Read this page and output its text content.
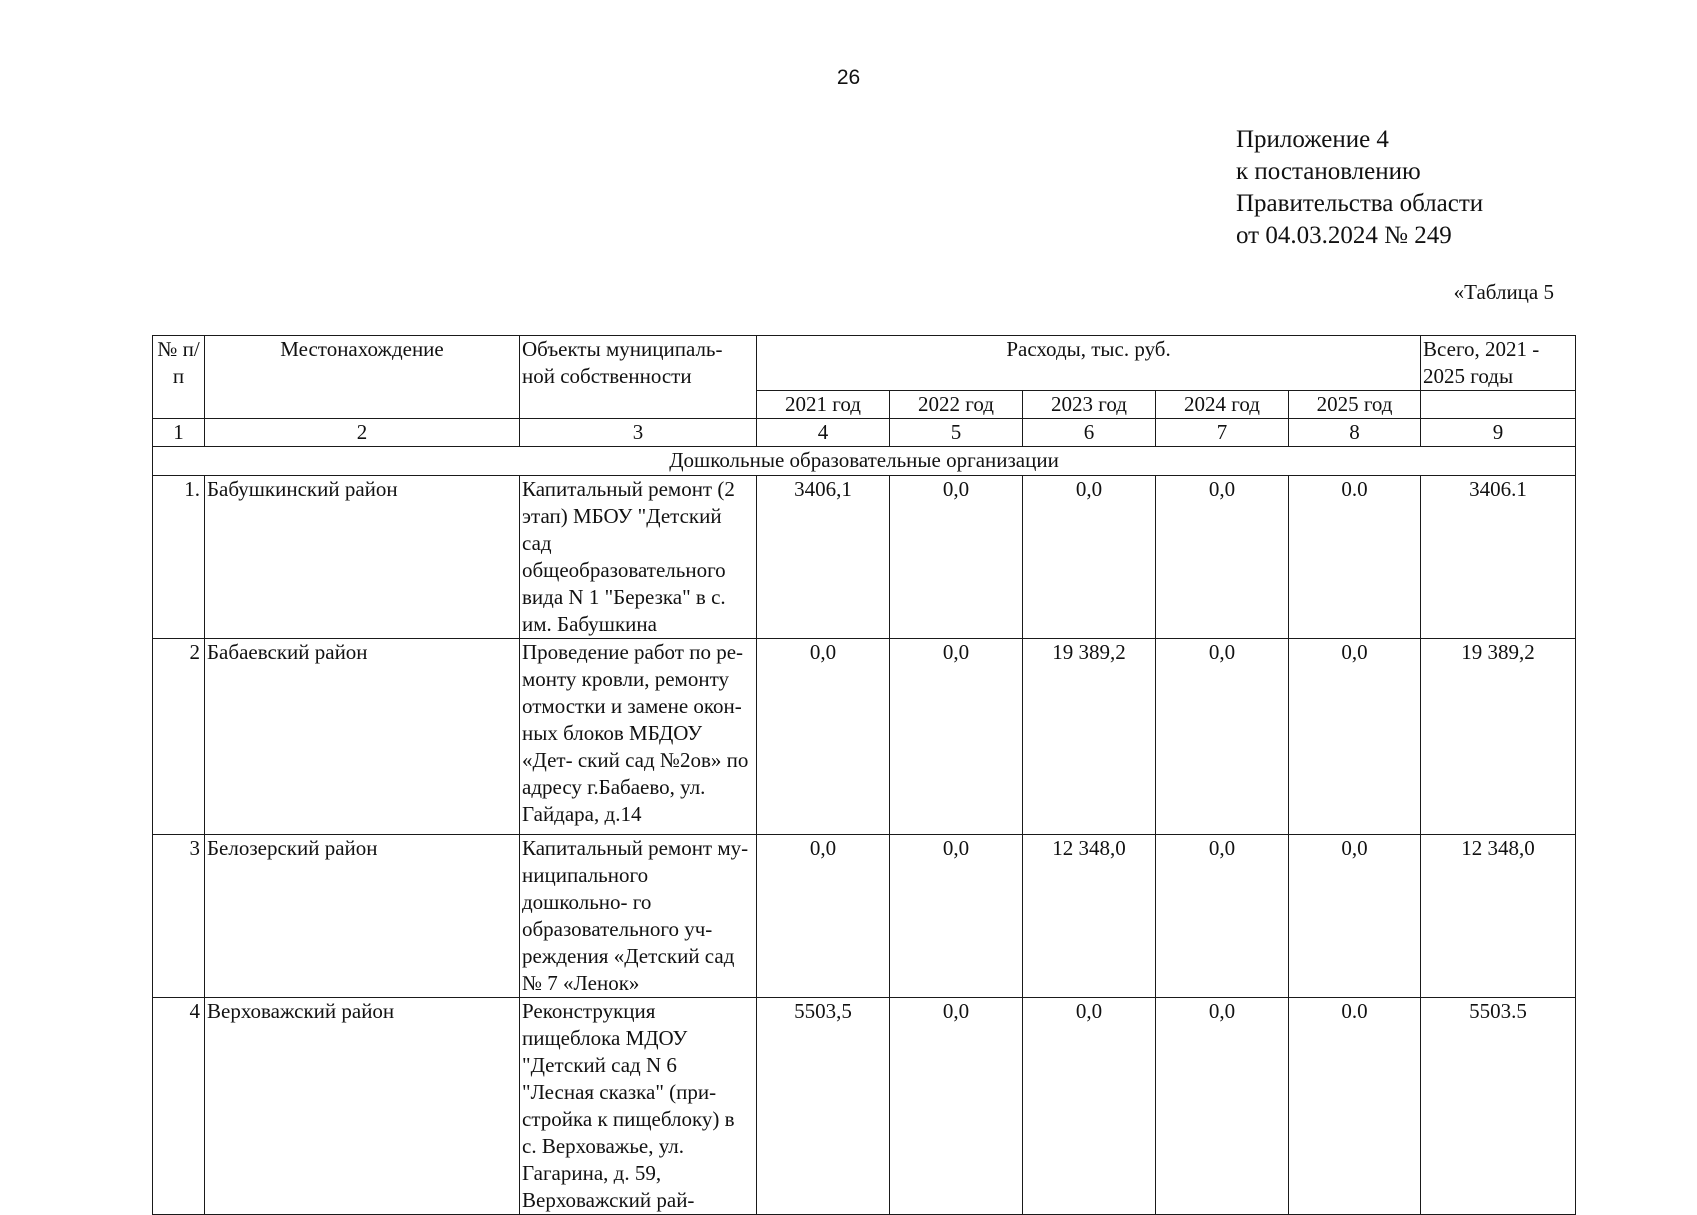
26
Приложение 4
к постановлению
Правительства области
от 04.03.2024 № 249
«Таблица 5
№ п/п	Местонахождение	Объекты муниципаль- ной собственности	Расходы, тыс. руб.					Всего, 2021 - 2025 годы
			2021 год	2022 год	2023 год	2024 год	2025 год	
1	2	3	4	5	6	7	8	9
Дошкольные образовательные организации								
1.	Бабушкинский район	Капитальный ремонт (2 этап) МБОУ "Детский сад общеобразовательного вида N 1 "Березка" в с. им. Бабушкина	3406,1	0,0	0,0	0,0	0.0	3406.1
2	Бабаевский район	Проведение работ по ре- монту кровли, ремонту отмостки и замене окон- ных блоков МБДОУ «Дет- ский сад №2ов» по адресу г.Бабаево, ул. Гайдара, д.14	0,0	0,0	19 389,2	0,0	0,0	19 389,2
3	Белозерский район	Капитальный ремонт му- ниципального дошкольно- го образовательного уч- реждения «Детский сад № 7 «Ленок»	0,0	0,0	12 348,0	0,0	0,0	12 348,0
4	Верховажский район	Реконструкция пищеблока МДОУ "Детский сад N 6 "Лесная сказка" (при- стройка к пищеблоку) в с. Верховажье, ул. Гагарина, д. 59, Верховажский рай-	5503,5	0,0	0,0	0,0	0.0	5503.5
